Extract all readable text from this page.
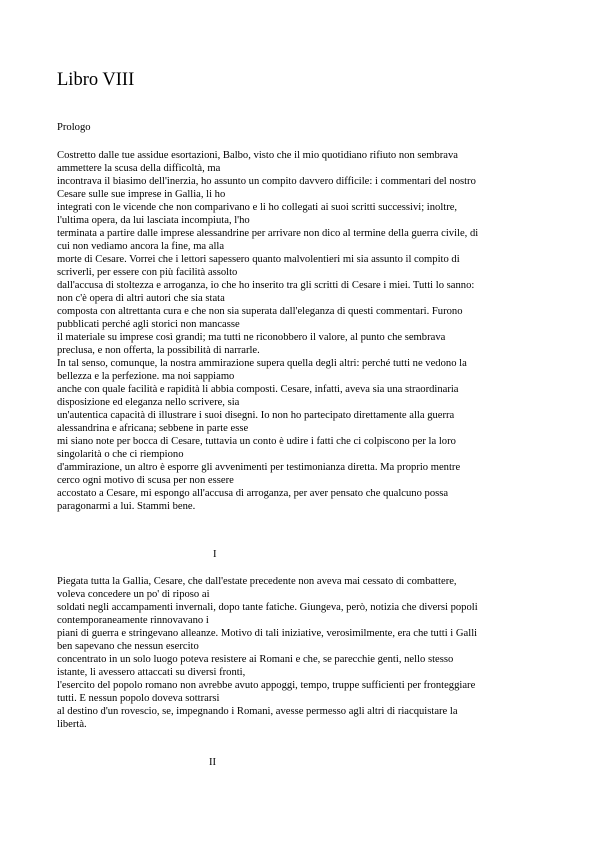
Libro VIII
Prologo
Costretto dalle tue assidue esortazioni, Balbo, visto che il mio quotidiano rifiuto non sembrava
ammettere la scusa della difficoltà, ma
incontrava il biasimo dell'inerzia, ho assunto un compito davvero difficile: i commentari del nostro
Cesare sulle sue imprese in Gallia, li ho
integrati con le vicende che non comparivano e li ho collegati ai suoi scritti successivi; inoltre,
l'ultima opera, da lui lasciata incompiuta, l'ho
terminata a partire dalle imprese alessandrine per arrivare non dico al termine della guerra civile, di
cui non vediamo ancora la fine, ma alla
morte di Cesare. Vorrei che i lettori sapessero quanto malvolentieri mi sia assunto il compito di
scriverli, per essere con più facilità assolto
dall'accusa di stoltezza e arroganza, io che ho inserito tra gli scritti di Cesare i miei. Tutti lo sanno:
non c'è opera di altri autori che sia stata
composta con altrettanta cura e che non sia superata dall'eleganza di questi commentari. Furono
pubblicati perché agli storici non mancasse
il materiale su imprese così grandi; ma tutti ne riconobbero il valore, al punto che sembrava
preclusa, e non offerta, la possibilità di narrarle.
In tal senso, comunque, la nostra ammirazione supera quella degli altri: perché tutti ne vedono la
bellezza e la perfezione. ma noi sappiamo
anche con quale facilità e rapidità li abbia composti. Cesare, infatti, aveva sia una straordinaria
disposizione ed eleganza nello scrivere, sia
un'autentica capacità di illustrare i suoi disegni. Io non ho partecipato direttamente alla guerra
alessandrina e africana; sebbene in parte esse
mi siano note per bocca di Cesare, tuttavia un conto è udire i fatti che ci colpiscono per la loro
singolarità o che ci riempiono
d'ammirazione, un altro è esporre gli avvenimenti per testimonianza diretta. Ma proprio mentre
cerco ogni motivo di scusa per non essere
accostato a Cesare, mi espongo all'accusa di arroganza, per aver pensato che qualcuno possa
paragonarmi a lui. Stammi bene.
I
Piegata tutta la Gallia, Cesare, che dall'estate precedente non aveva mai cessato di combattere,
voleva concedere un po' di riposo ai
soldati negli accampamenti invernali, dopo tante fatiche. Giungeva, però, notizia che diversi popoli
contemporaneamente rinnovavano i
piani di guerra e stringevano alleanze. Motivo di tali iniziative, verosimilmente, era che tutti i Galli
ben sapevano che nessun esercito
concentrato in un solo luogo poteva resistere ai Romani e che, se parecchie genti, nello stesso
istante, li avessero attaccati su diversi fronti,
l'esercito del popolo romano non avrebbe avuto appoggi, tempo, truppe sufficienti per fronteggiare
tutti. E nessun popolo doveva sottrarsi
al destino d'un rovescio, se, impegnando i Romani, avesse permesso agli altri di riacquistare la
libertà.
II
